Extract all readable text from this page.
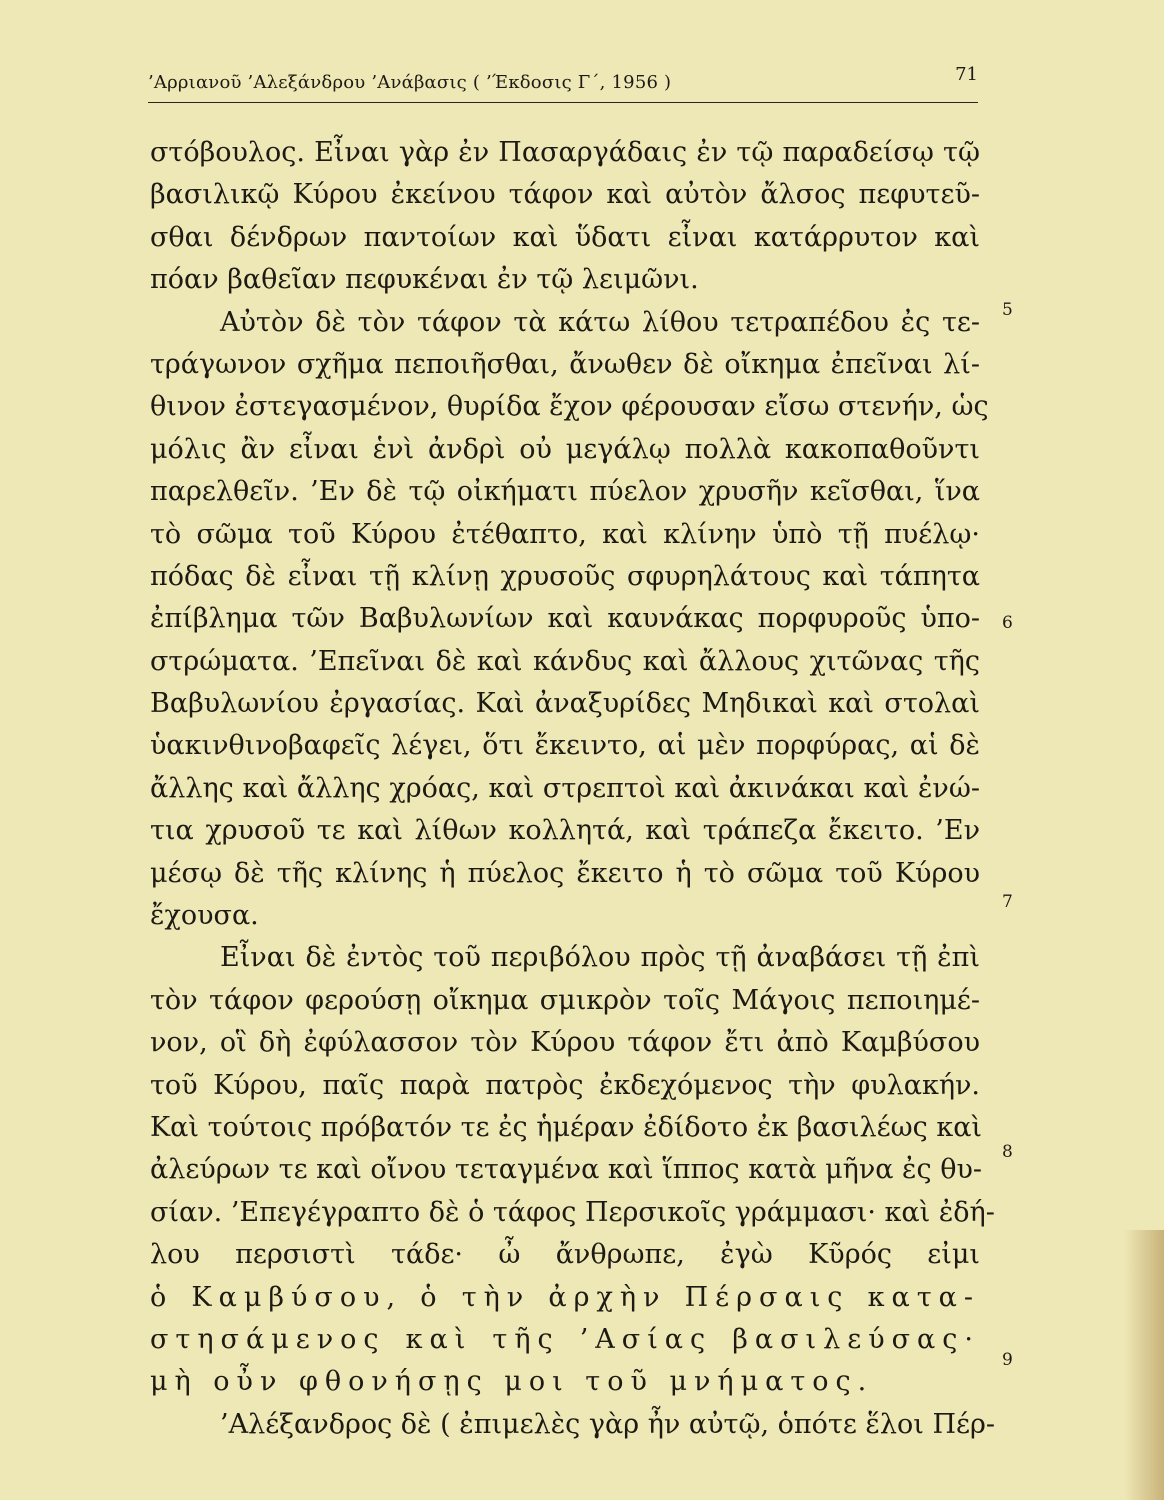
’Αρριανοῦ ’Αλεξάνδρου ’Ανάβασις ( ’Έκδοσις Γ΄, 1956 )	71
στόβουλος. Εἶναι γὰρ ἐν Πασαργάδαις ἐν τῷ παραδείσῳ τῷ
βασιλικῷ Κύρου ἐκείνου τάφον καὶ αὐτὸν ἄλσος πεφυτεῦ-
σθαι δένδρων παντοίων καὶ ὕδατι εἶναι κατάρρυτον καὶ
πόαν βαθεῖαν πεφυκέναι ἐν τῷ λειμῶνι.
Αὐτὸν δὲ τὸν τάφον τὰ κάτω λίθου τετραπέδου ἐς τε-
τράγωνον σχῆμα πεποιῆσθαι, ἄνωθεν δὲ οἴκημα ἐπεῖναι λί-
θινον ἐστεγασμένον, θυρίδα ἔχον φέρουσαν εἴσω στενήν, ὡς
μόλις ἂν εἶναι ἑνὶ ἀνδρὶ οὐ μεγάλῳ πολλὰ κακοπαθοῦντι
παρελθεῖν. ’Εν δὲ τῷ οἰκήματι πύελον χρυσῆν κεῖσθαι, ἵνα
τὸ σῶμα τοῦ Κύρου ἐτέθαπτο, καὶ κλίνην ὑπὸ τῇ πυέλῳ·
πόδας δὲ εἶναι τῇ κλίνῃ χρυσοῦς σφυρηλάτους καὶ τάπητα
ἐπίβλημα τῶν Βαβυλωνίων καὶ καυνάκας πορφυροῦς ὑπο-
στρώματα. ’Επεῖναι δὲ καὶ κάνδυς καὶ ἄλλους χιτῶνας τῆς
Βαβυλωνίου ἐργασίας. Καὶ ἀναξυρίδες Μηδικαὶ καὶ στολαὶ
ὑακινθινοβαφεῖς λέγει, ὅτι ἔκειντο, αἱ μὲν πορφύρας, αἱ δὲ
ἄλλης καὶ ἄλλης χρόας, καὶ στρεπτοὶ καὶ ἀκινάκαι καὶ ἐνώ-
τια χρυσοῦ τε καὶ λίθων κολλητά, καὶ τράπεζα ἔκειτο. ’Εν
μέσῳ δὲ τῆς κλίνης ἡ πύελος ἔκειτο ἡ τὸ σῶμα τοῦ Κύρου
ἔχουσα.
Εἶναι δὲ ἐντὸς τοῦ περιβόλου πρὸς τῇ ἀναβάσει τῇ ἐπὶ
τὸν τάφον φερούσῃ οἴκημα σμικρὸν τοῖς Μάγοις πεποιημέ-
νον, οἳ δὴ ἐφύλασσον τὸν Κύρου τάφον ἔτι ἀπὸ Καμβύσου
τοῦ Κύρου, παῖς παρὰ πατρὸς ἐκδεχόμενος τὴν φυλακήν.
Καὶ τούτοις πρόβατόν τε ἐς ἡμέραν ἐδίδοτο ἐκ βασιλέως καὶ
ἀλεύρων τε καὶ οἴνου τεταγμένα καὶ ἵππος κατὰ μῆνα ἐς θυ-
σίαν. ’Επεγέγραπτο δὲ ὁ τάφος Περσικοῖς γράμμασι· καὶ ἐδή-
λου περσιστὶ τάδε· ὦ ἄνθρωπε, ἐγὼ Κῦρός εἰμι
ὁ Καμβύσου, ὁ τὴν ἀρχὴν Πέρσαις κατα-
στησάμενος καὶ τῆς ’Ασίας βασιλεύσας·
μὴ οὖν φθονήσῃς μοι τοῦ μνήματος.
’Αλέξανδρος δὲ ( ἐπιμελὲς γὰρ ἦν αὐτῷ, ὁπότε ἕλοι Πέρ-
5
6
7
8
9
